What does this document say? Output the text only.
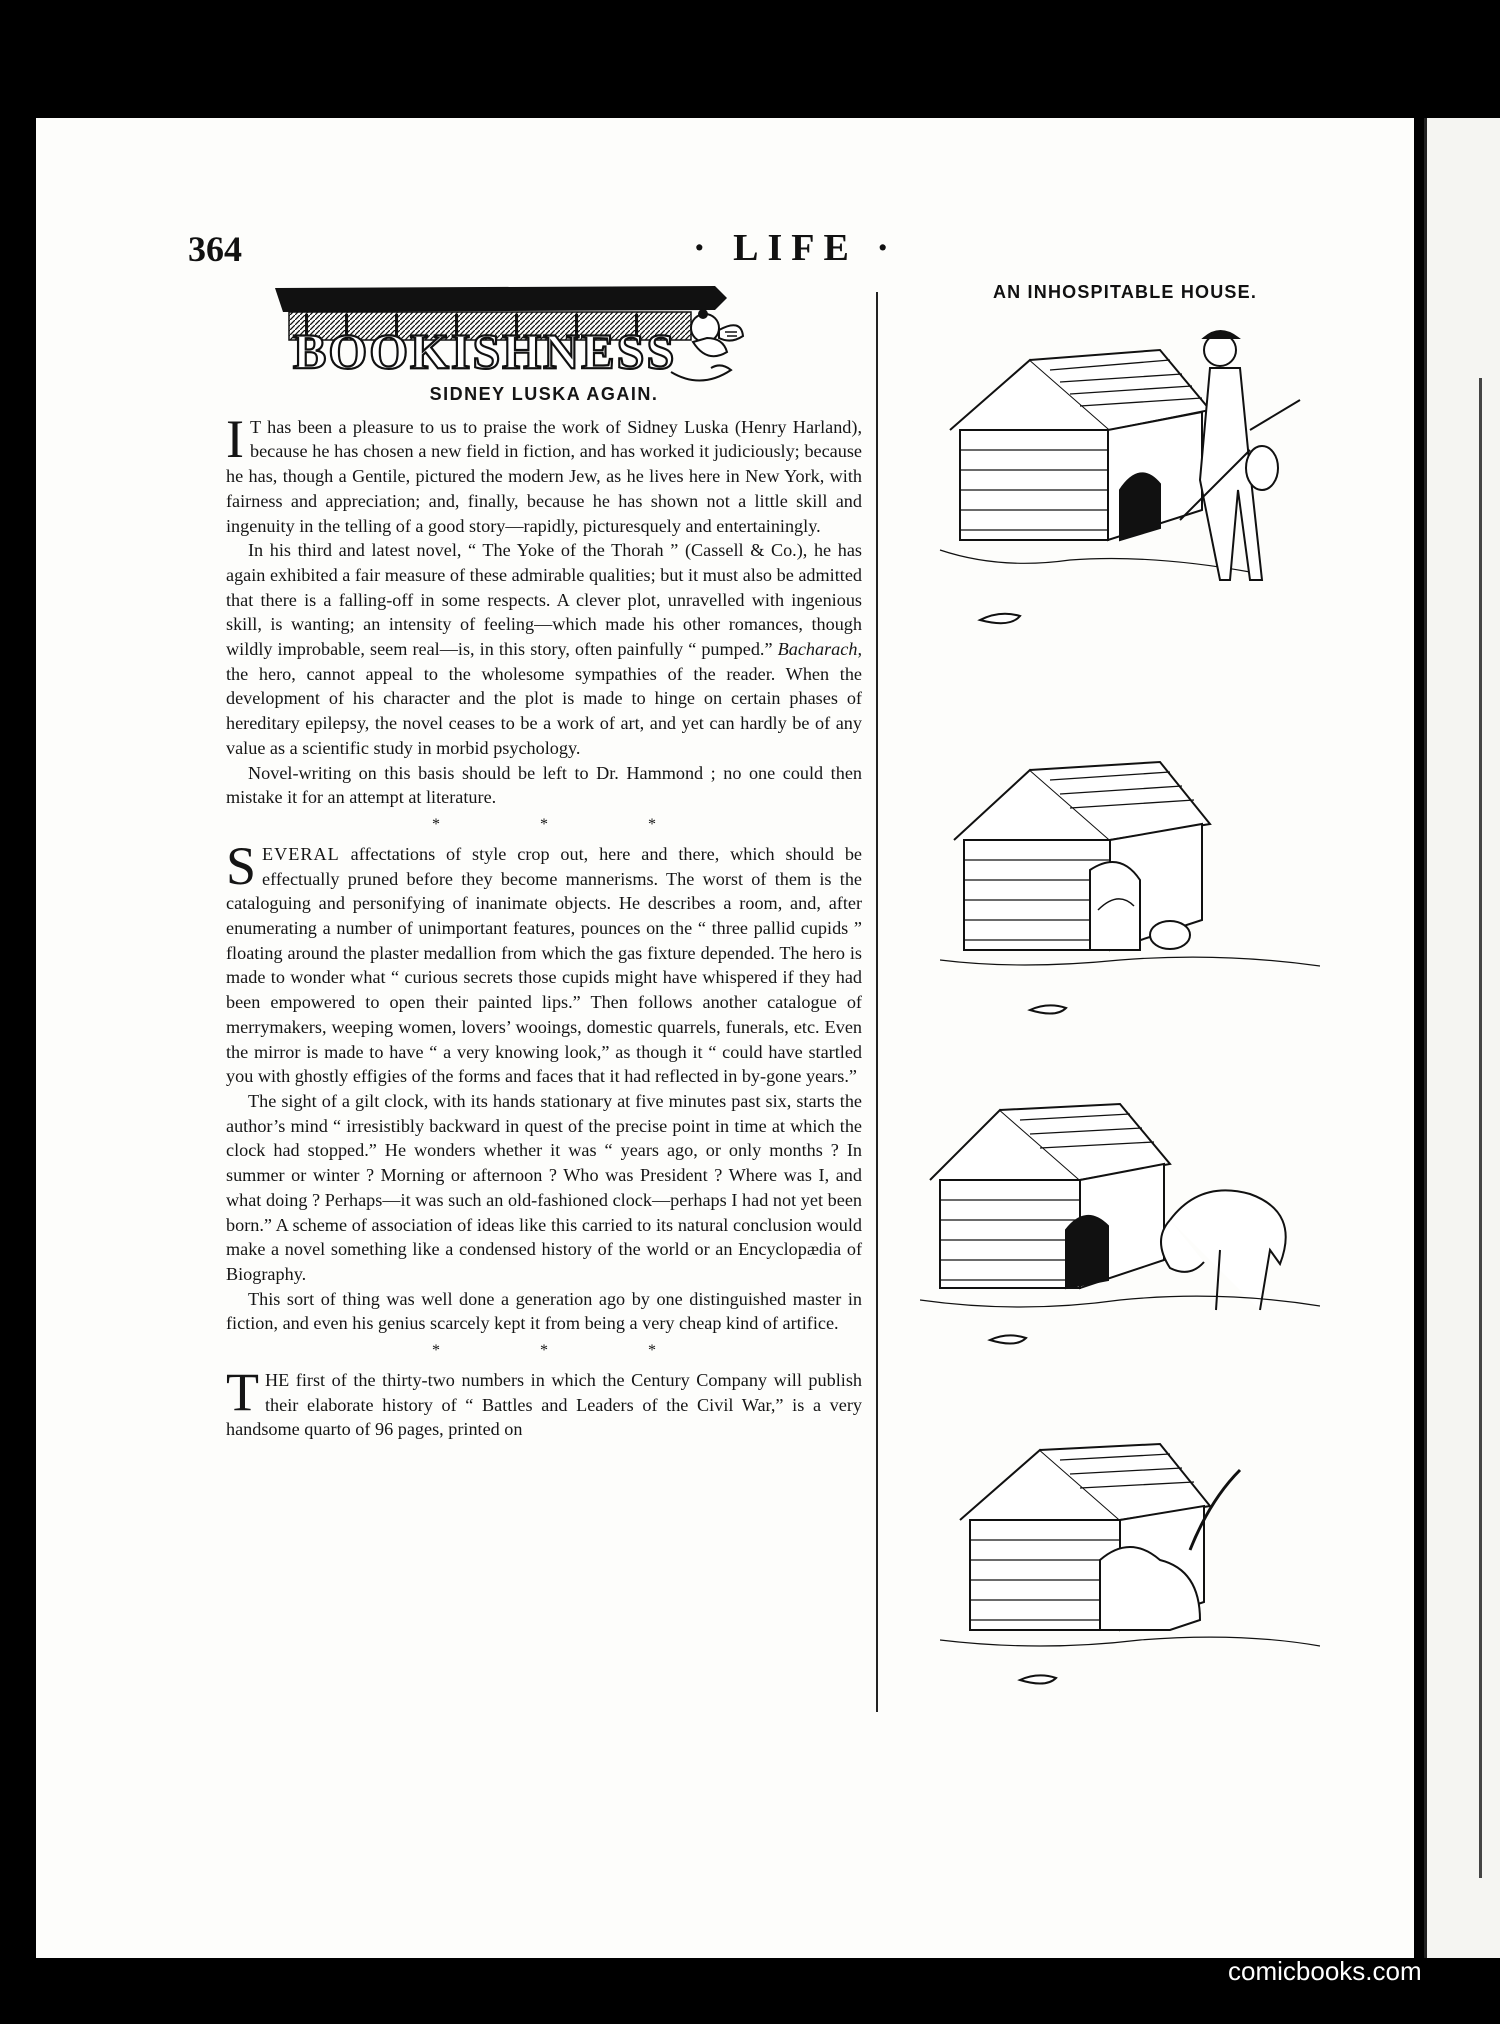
364	· LIFE ·
BOOKISHNESS

SIDNEY LUSKA AGAIN.

I T has been a pleasure to us to praise the work of Sidney Luska (Henry Harland), because he has chosen a new field in fiction, and has worked it judiciously; because he has, though a Gentile, pictured the modern Jew, as he lives here in New York, with fairness and appreciation; and, finally, because he has shown not a little skill and ingenuity in the telling of a good story—rapidly, picturesquely and entertainingly.

In his third and latest novel, “ The Yoke of the Thorah ” (Cassell & Co.), he has again exhibited a fair measure of these admirable qualities; but it must also be admitted that there is a falling-off in some respects. A clever plot, unravelled with ingenious skill, is wanting; an intensity of feeling—which made his other romances, though wildly improbable, seem real—is, in this story, often painfully “ pumped.” Bacharach, the hero, cannot appeal to the wholesome sympathies of the reader. When the development of his character and the plot is made to hinge on certain phases of hereditary epilepsy, the novel ceases to be a work of art, and yet can hardly be of any value as a scientific study in morbid psychology.

Novel-writing on this basis should be left to Dr. Hammond ; no one could then mistake it for an attempt at literature.

* * *

SEVERAL affectations of style crop out, here and there, which should be effectually pruned before they become mannerisms. The worst of them is the cataloguing and personifying of inanimate objects. He describes a room, and, after enumerating a number of unimportant features, pounces on the “ three pallid cupids ” floating around the plaster medallion from which the gas fixture depended. The hero is made to wonder what “ curious secrets those cupids might have whispered if they had been empowered to open their painted lips.” Then follows another catalogue of merrymakers, weeping women, lovers’ wooings, domestic quarrels, funerals, etc. Even the mirror is made to have “ a very knowing look,” as though it “ could have startled you with ghostly effigies of the forms and faces that it had reflected in by-gone years.”

The sight of a gilt clock, with its hands stationary at five minutes past six, starts the author’s mind “ irresistibly backward in quest of the precise point in time at which the clock had stopped.” He wonders whether it was “ years ago, or only months ? In summer or winter ? Morning or afternoon ? Who was President ? Where was I, and what doing ? Perhaps—it was such an old-fashioned clock—perhaps I had not yet been born.” A scheme of association of ideas like this carried to its natural conclusion would make a novel something like a condensed history of the world or an Encyclopædia of Biography.

This sort of thing was well done a generation ago by one distinguished master in fiction, and even his genius scarcely kept it from being a very cheap kind of artifice.

* * *

THE first of the thirty-two numbers in which the Century Company will publish their elaborate history of “ Battles and Leaders of the Civil War,” is a very handsome quarto of 96 pages, printed on

AN INHOSPITABLE HOUSE.
comicbooks.com
